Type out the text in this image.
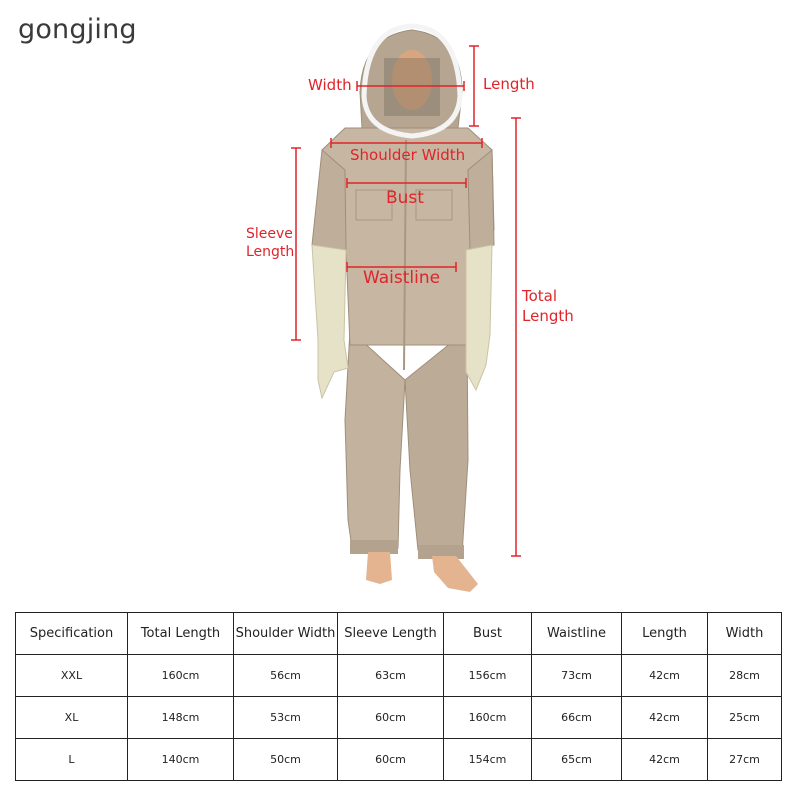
gongjing
Width	Length
Shoulder Width
Bust
Sleeve
Length
Waistline
Total
Length
Specification	Total Length	Shoulder Width	Sleeve Length	Bust	Waistline	Length	Width
XXL	160cm	56cm	63cm	156cm	73cm	42cm	28cm
XL	148cm	53cm	60cm	160cm	66cm	42cm	25cm
L	140cm	50cm	60cm	154cm	65cm	42cm	27cm
